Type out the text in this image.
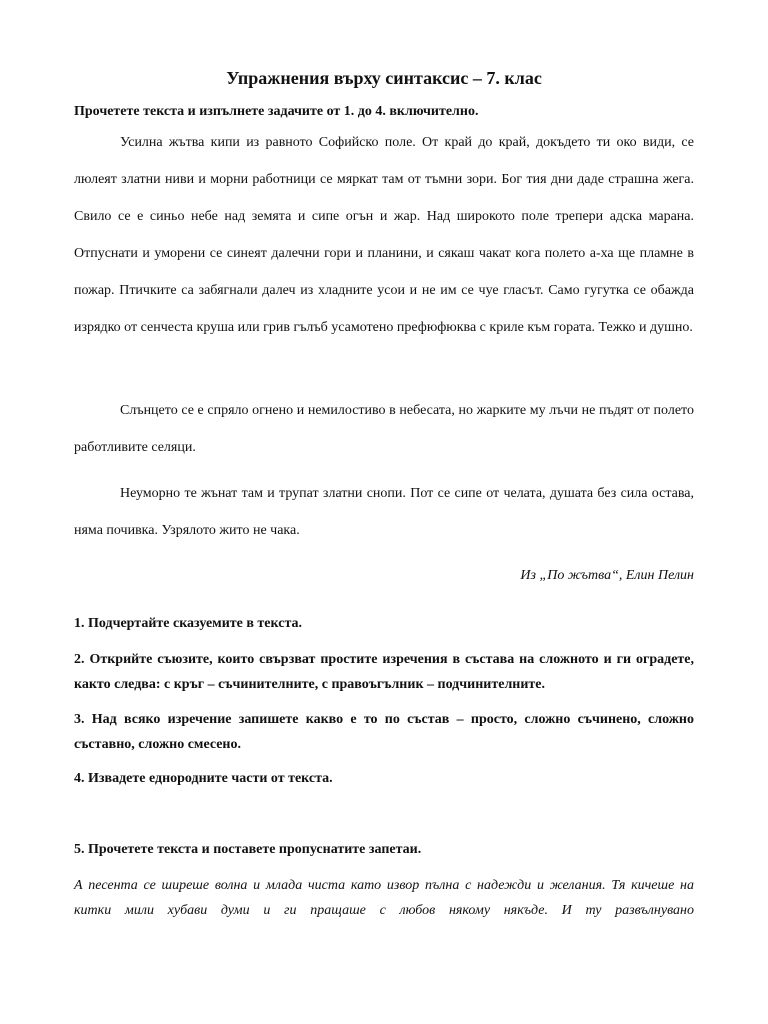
Упражнения върху синтаксис – 7. клас
Прочетете текста и изпълнете задачите от 1. до 4. включително.

Усилна жътва кипи из равното Софийско поле. От край до край, докъдето ти око види, се люлеят златни ниви и морни работници се мяркат там от тъмни зори. Бог тия дни даде страшна жега. Свило се е синьо небе над земята и сипе огън и жар. Над широкото поле трепери адска марана. Отпуснати и уморени се синеят далечни гори и планини, и сякаш чакат кога полето а-ха ще пламне в пожар. Птичките са забягнали далеч из хладните усои и не им се чуе гласът. Само гугутка се обажда изрядко от сенчеста круша или грив гълъб усамотено префюфюква с криле към гората. Тежко и душно.

Слънцето се е спряло огнено и немилостиво в небесата, но жарките му лъчи не пъдят от полето работливите селяци.

Неуморно те жънат там и трупат златни снопи. Пот се сипе от челата, душата без сила остава, няма почивка. Узрялото жито не чака.

Из „По жътва“, Елин Пелин

1. Подчертайте сказуемите в текста.

2. Открийте съюзите, които свързват простите изречения в състава на сложното и ги оградете, както следва: с кръг – съчинителните, с правоъгълник – подчинителните.

3. Над всяко изречение запишете какво е то по състав – просто, сложно съчинено, сложно съставно, сложно смесено.

4. Извадете еднородните части от текста.

5. Прочетете текста и поставете пропуснатите запетаи.

А песента се ширеше волна и млада чиста като извор пълна с надежди и желания. Тя кичеше на китки мили хубави думи и ги пращаше с любов някому някъде. И ту развълнувано
